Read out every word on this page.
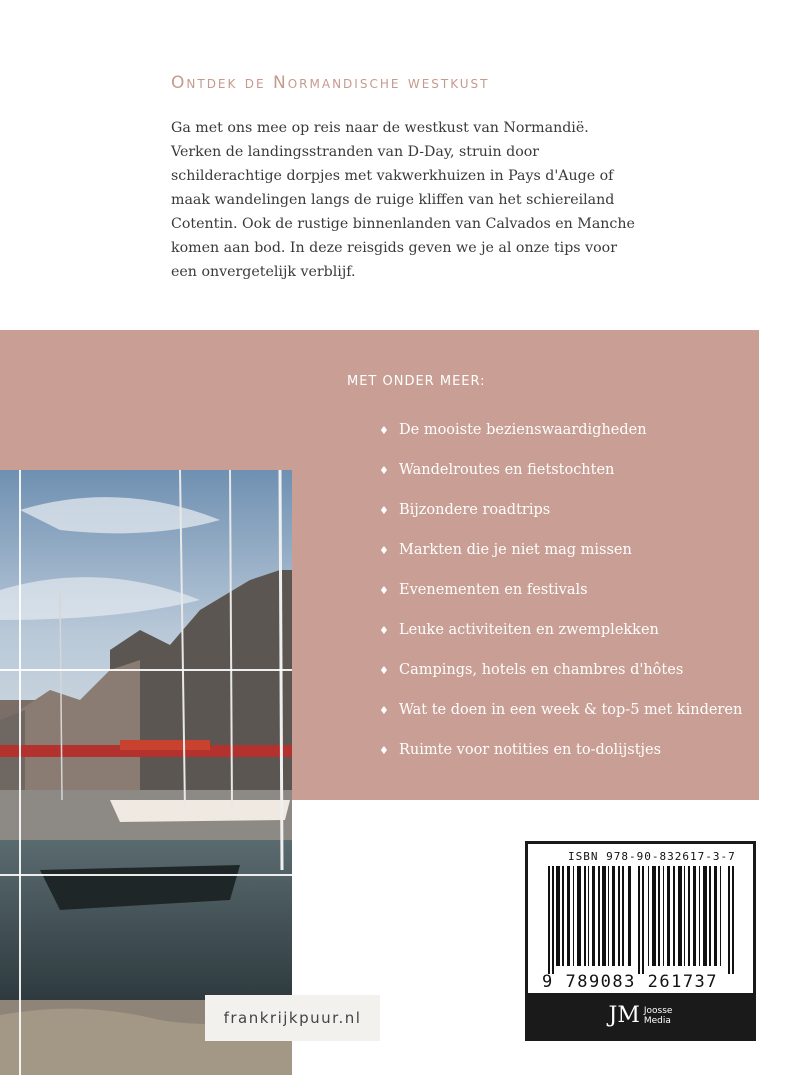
Ontdek de Normandische westkust

Ga met ons mee op reis naar de westkust van Normandië. Verken de landingsstranden van D-Day, struin door schilderachtige dorpjes met vakwerkhuizen in Pays d'Auge of maak wandelingen langs de ruige kliffen van het schiereiland Cotentin. Ook de rustige binnenlanden van Calvados en Manche komen aan bod. In deze reisgids geven we je al onze tips voor een onvergetelijk verblijf.

MET ONDER MEER:
♦ De mooiste bezienswaardigheden
♦ Wandelroutes en fietstochten
♦ Bijzondere roadtrips
♦ Markten die je niet mag missen
♦ Evenementen en festivals
♦ Leuke activiteiten en zwemplekken
♦ Campings, hotels en chambres d'hôtes
♦ Wat te doen in een week & top-5 met kinderen
♦ Ruimte voor notities en to-dolijstjes
frankrijkpuur.nl
ISBN 978-90-832617-3-7
9 789083 261737
JM Joosse
Media
